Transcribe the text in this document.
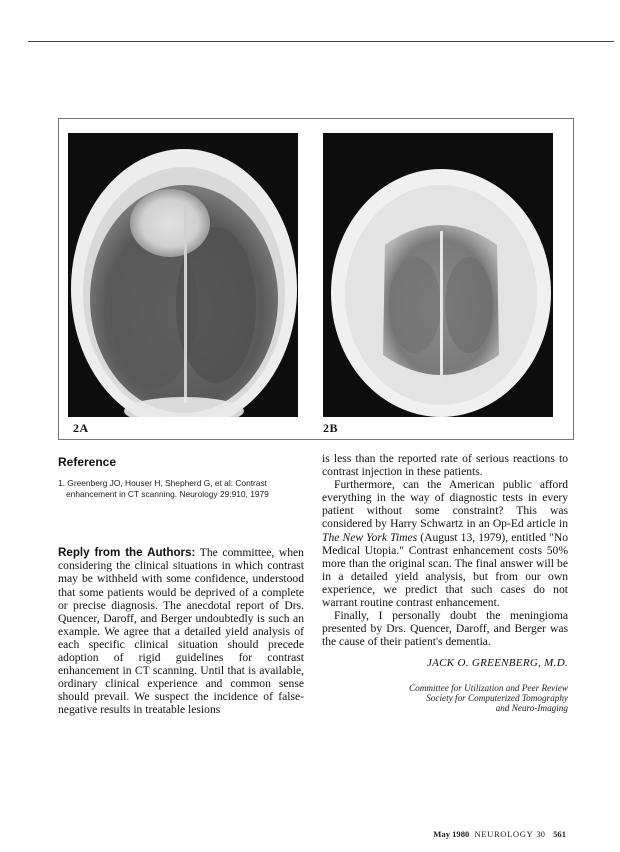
2A	2B

Reference

1. Greenberg JO, Houser H, Shepherd G, et al: Contrast enhancement in CT scanning. Neurology 29:910, 1979

Reply from the Authors: The committee, when considering the clinical situations in which contrast may be withheld with some confidence, understood that some patients would be deprived of a complete or precise diagnosis. The anecdotal report of Drs. Quencer, Daroff, and Berger undoubtedly is such an example. We agree that a detailed yield analysis of each specific clinical situation should precede adoption of rigid guidelines for contrast enhancement in CT scanning. Until that is available, ordinary clinical experience and common sense should prevail. We suspect the incidence of false-negative results in treatable lesions

is less than the reported rate of serious reactions to contrast injection in these patients.

Furthermore, can the American public afford everything in the way of diagnostic tests in every patient without some constraint? This was considered by Harry Schwartz in an Op-Ed article in The New York Times (August 13, 1979), entitled "No Medical Utopia." Contrast enhancement costs 50% more than the original scan. The final answer will be in a detailed yield analysis, but from our own experience, we predict that such cases do not warrant routine contrast enhancement.

Finally, I personally doubt the meningioma presented by Drs. Quencer, Daroff, and Berger was the cause of their patient's dementia.

JACK O. GREENBERG, M.D.

Committee for Utilization and Peer Review
Society for Computerized Tomography
and Neuro-Imaging
May 1980 NEUROLOGY 30 561
